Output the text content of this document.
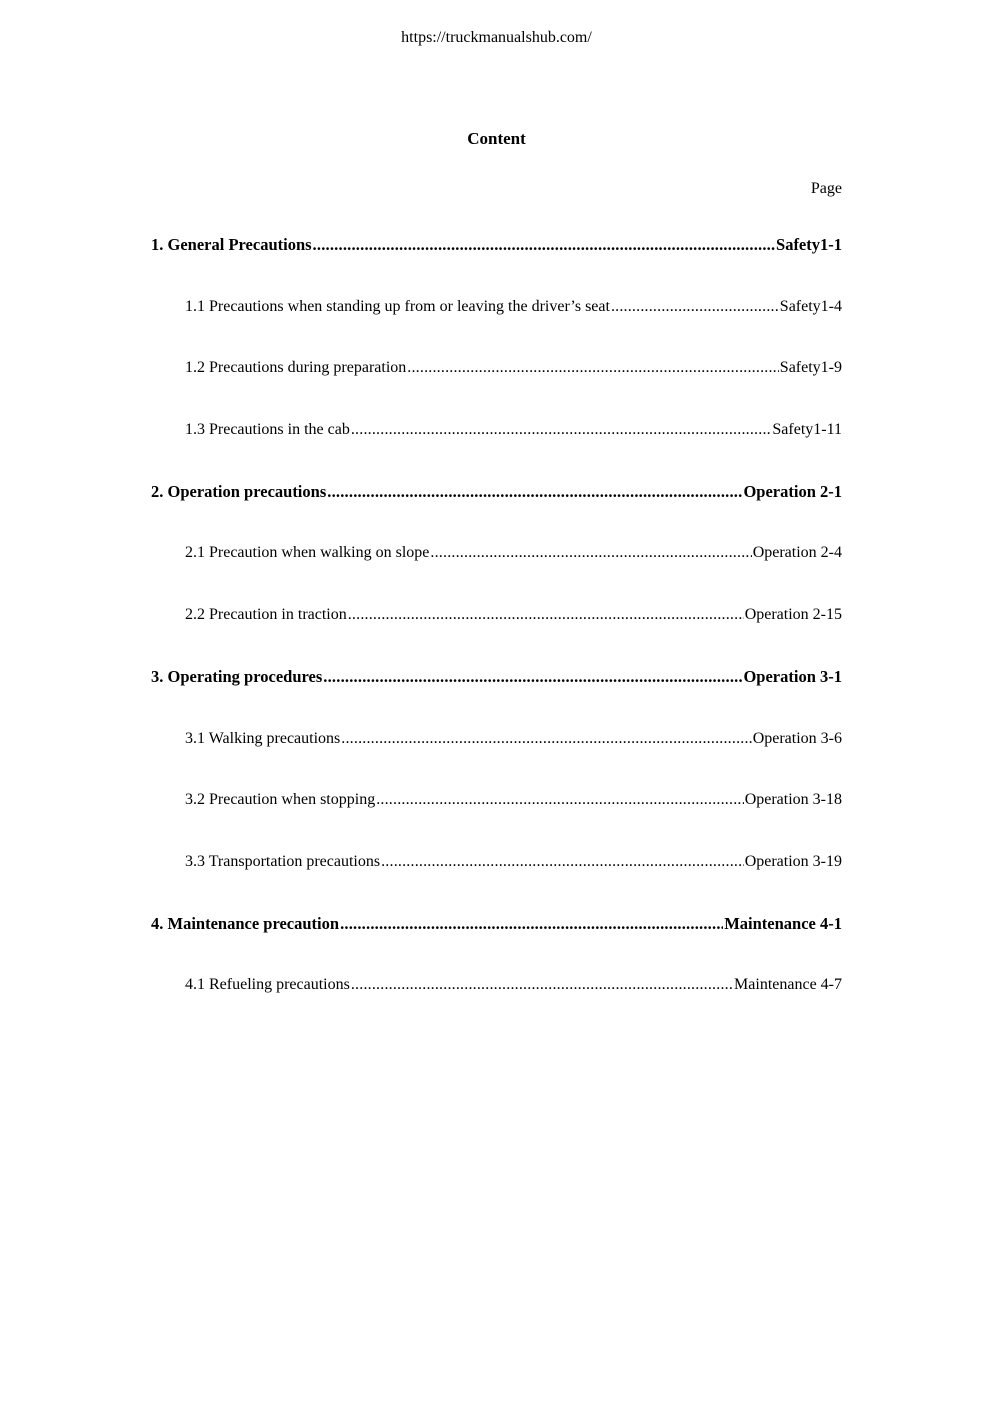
https://truckmanualshub.com/
Content
Page
1. General Precautions .....	Safety1-1
1.1 Precautions when standing up from or leaving the driver’s seat .....	Safety1-4
1.2 Precautions during preparation .....	Safety1-9
1.3 Precautions in the cab .....	Safety1-11
2. Operation precautions .....	Operation 2-1
2.1 Precaution when walking on slope .....	Operation 2-4
2.2 Precaution in traction .....	Operation 2-15
3. Operating procedures .....	Operation 3-1
3.1 Walking precautions .....	Operation 3-6
3.2 Precaution when stopping .....	Operation 3-18
3.3 Transportation precautions .....	Operation 3-19
4. Maintenance precaution .....	Maintenance 4-1
4.1 Refueling precautions .....	Maintenance 4-7
